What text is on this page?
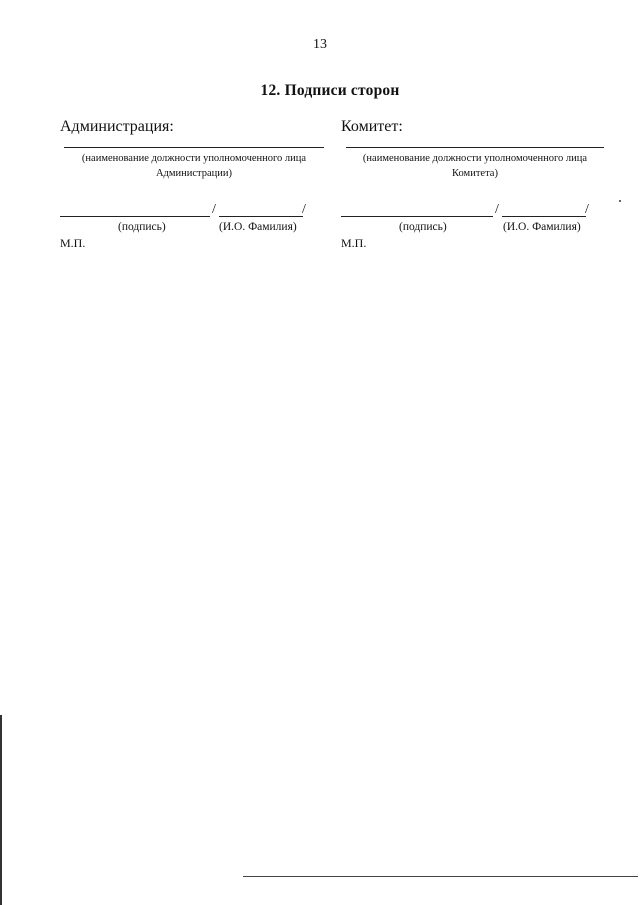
13
12. Подписи сторон
Администрация:
(наименование должности уполномоченного лица
Администрации)
/	/
(подпись)	(И.О. Фамилия)
М.П.
Комитет:
(наименование должности уполномоченного лица
Комитета)
/	/
(подпись)	(И.О. Фамилия)
М.П.
